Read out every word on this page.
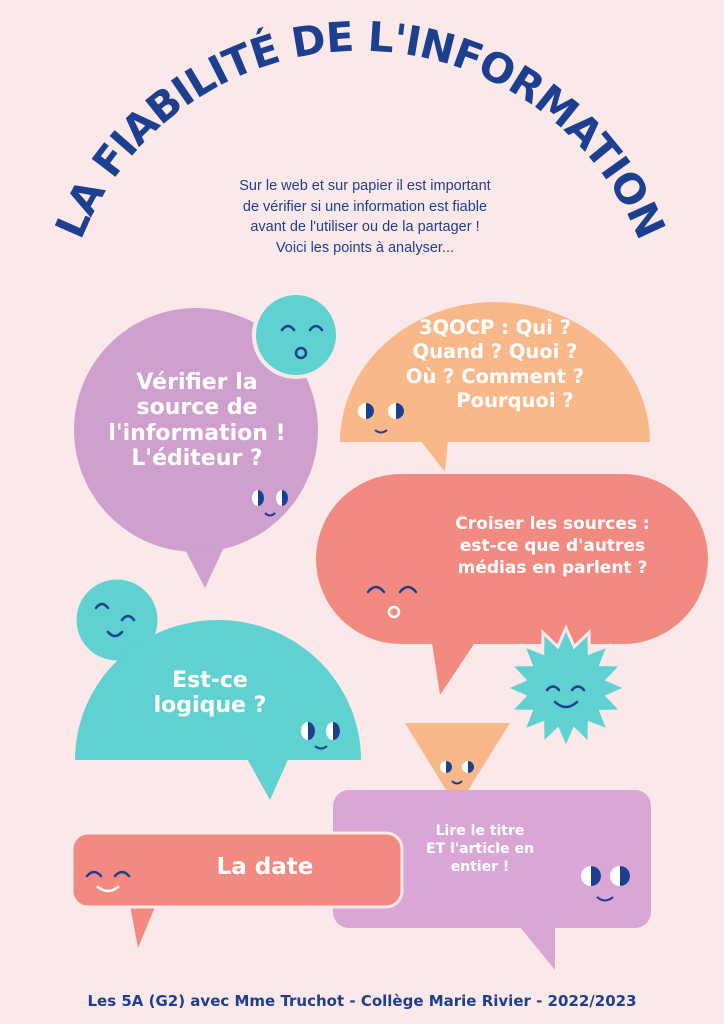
LA FIABILITÉ DE L'INFORMATION
Sur le web et sur papier il est important
de vérifier si une information est fiable
avant de l'utiliser ou de la partager !
Voici les points à analyser...
Vérifier la
source de
l'information !
L'éditeur ?
3QOCP : Qui ?
Quand ? Quoi ?
Où ? Comment ?
Pourquoi ?
Croiser les sources :
est-ce que d'autres
médias en parlent ?
Est-ce
logique ?
Lire le titre
ET l'article en
entier !
La date
Les 5A (G2) avec Mme Truchot - Collège Marie Rivier - 2022/2023
